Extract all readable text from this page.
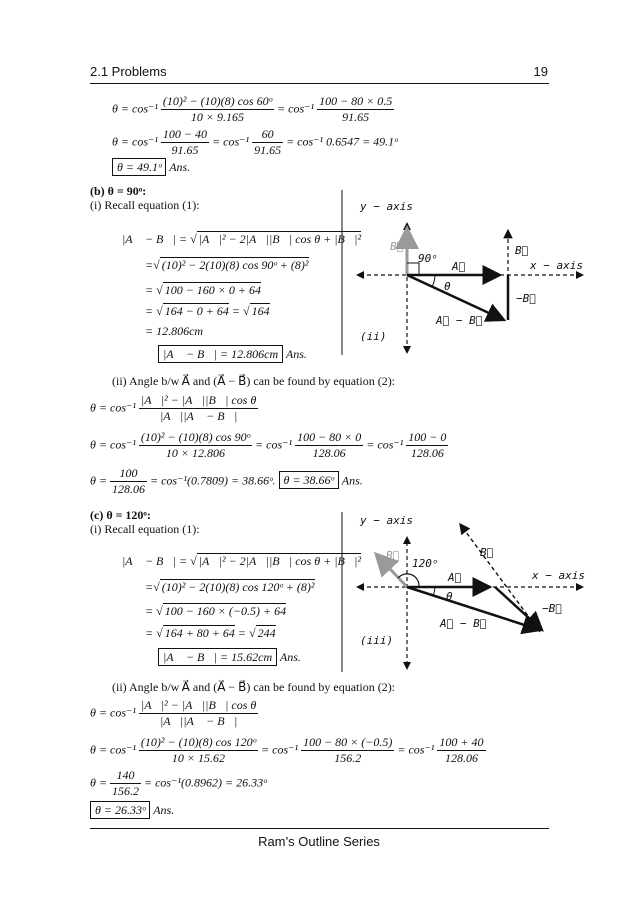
2.1 Problems	19
$\theta = \cos^{-1} \frac{\text{(10)² − (10)(8) cos 60ᵒ}}{10 \times 9.165} = \cos^{-1} \frac{100 - 80 \times 0.5}{91.65}$
$\theta = \cos^{-1} \frac{100 - 40}{91.65} = \cos^{-1} \frac{60}{91.65} = \cos^{-1}$ 0.6547 = 49.1ᵒ
θ = 49.1ᵒ Ans.
(b) θ = 90ᵒ:
(i) Recall equation (1):
|A⃗ − B⃗| = √ |A⃗|² − 2|A⃗||B⃗| cos θ + |B⃗|²
=√ (10)² − 2(10)(8) cos 90ᵒ + (8)²
= √ 100 − 160 × 0 + 64
= √ 164 − 0 + 64 = √ 164
= 12.806cm
|A⃗ − B⃗| = 12.806cm Ans.
y − axis
x − axis
B⃗	B⃗
A⃗
−B⃗
A⃗ − B⃗
θ
90ᵒ
(ii)
(ii) Angle b/w A⃗ and (A⃗ − B⃗) can be found by equation (2):
$\theta = \cos^{-1} \frac{\text{|A⃗|² − |A⃗||B⃗| cos θ}}{|A⃗||A⃗ - B⃗|}$
$\theta = \cos^{-1} \frac{\text{(10)² − (10)(8) cos 90ᵒ}}{10 \times 12.806} = \cos^{-1} \frac{100 - 80 \times 0}{128.06} = \cos^{-1} \frac{100 - 0}{128.06}$
$\theta = \frac{100}{128.06} = \cos^{-1}(0.7809)$ = 38.66ᵒ. θ = 38.66ᵒ Ans.
(c) θ = 120ᵒ:
(i) Recall equation (1):
|A⃗ − B⃗| = √ |A⃗|² − 2|A⃗||B⃗| cos θ + |B⃗|²
=√ (10)² − 2(10)(8) cos 120ᵒ + (8)²
= √ 100 − 160 × (−0.5) + 64
= √ 164 + 80 + 64 = √ 244
|A⃗ − B⃗| = 15.62cm Ans.
y − axis
x − axis
B⃗	B⃗
A⃗
−B⃗
A⃗ − B⃗
θ
120ᵒ
(iii)
(ii) Angle b/w A⃗ and (A⃗ − B⃗) can be found by equation (2):
$\theta = \cos^{-1} \frac{\text{|A⃗|² − |A⃗||B⃗| cos θ}}{|A⃗||A⃗ - B⃗|}$
$\theta = \cos^{-1} \frac{\text{(10)² − (10)(8) cos 120ᵒ}}{10 \times 15.62} = \cos^{-1} \frac{100 - 80 \times (-0.5)}{156.2} = \cos^{-1} \frac{100 + 40}{128.06}$
$\theta = \frac{140}{156.2} = \cos^{-1}(0.8962)$ = 26.33ᵒ
θ = 26.33ᵒ Ans.
Ram’s Outline Series
